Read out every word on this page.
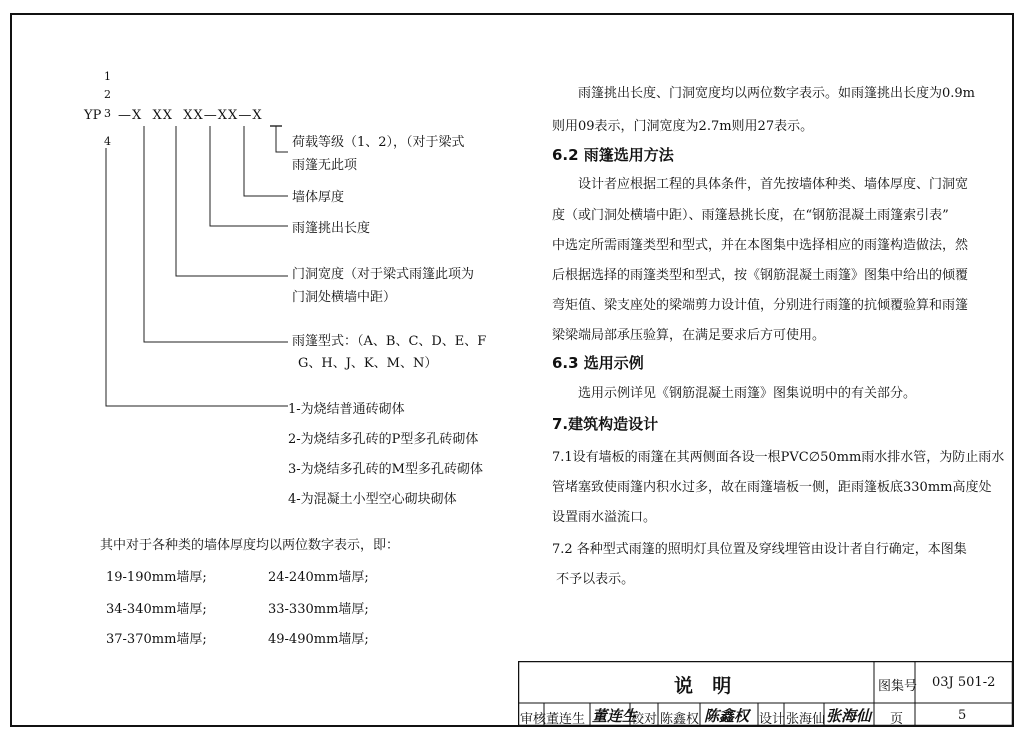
YP
1
2
3
4
—X  XX  XX—XX—X
荷载等级（1、2），（对于梁式
雨篷无此项
墙体厚度
雨篷挑出长度
门洞宽度（对于梁式雨篷此项为
门洞处横墙中距）
雨篷型式：（A、B、C、D、E、F
G、H、J、K、M、N）
1-为烧结普通砖砌体
2-为烧结多孔砖的P型多孔砖砌体
3-为烧结多孔砖的M型多孔砖砌体
4-为混凝土小型空心砌块砌体
其中对于各种类的墙体厚度均以两位数字表示，即：
19-190mm墙厚;	24-240mm墙厚;
34-340mm墙厚;	33-330mm墙厚;
37-370mm墙厚;	49-490mm墙厚;
雨篷挑出长度、门洞宽度均以两位数字表示。如雨篷挑出长度为0.9m
则用09表示，门洞宽度为2.7m则用27表示。
6.2 雨篷选用方法
设计者应根据工程的具体条件，首先按墙体种类、墙体厚度、门洞宽
度（或门洞处横墙中距）、雨篷悬挑长度，在“钢筋混凝土雨篷索引表”
中选定所需雨篷类型和型式，并在本图集中选择相应的雨篷构造做法，然
后根据选择的雨篷类型和型式，按《钢筋混凝土雨篷》图集中给出的倾覆
弯矩值、梁支座处的梁端剪力设计值，分别进行雨篷的抗倾覆验算和雨篷
梁梁端局部承压验算，在满足要求后方可使用。
6.3 选用示例
选用示例详见《钢筋混凝土雨篷》图集说明中的有关部分。
7.建筑构造设计
7.1设有墙板的雨篷在其两侧面各设一根PVC∅50mm雨水排水管，为防止雨水
管堵塞致使雨篷内积水过多，故在雨篷墙板一侧，距雨篷板底330mm高度处
设置雨水溢流口。
7.2 各种型式雨篷的照明灯具位置及穿线埋管由设计者自行确定，本图集
不予以表示。
说  明	图集号 03J 501-2
审核 董连生 董连生
校对 陈鑫权 陈鑫权 设计 张海仙 张海仙 页	5
